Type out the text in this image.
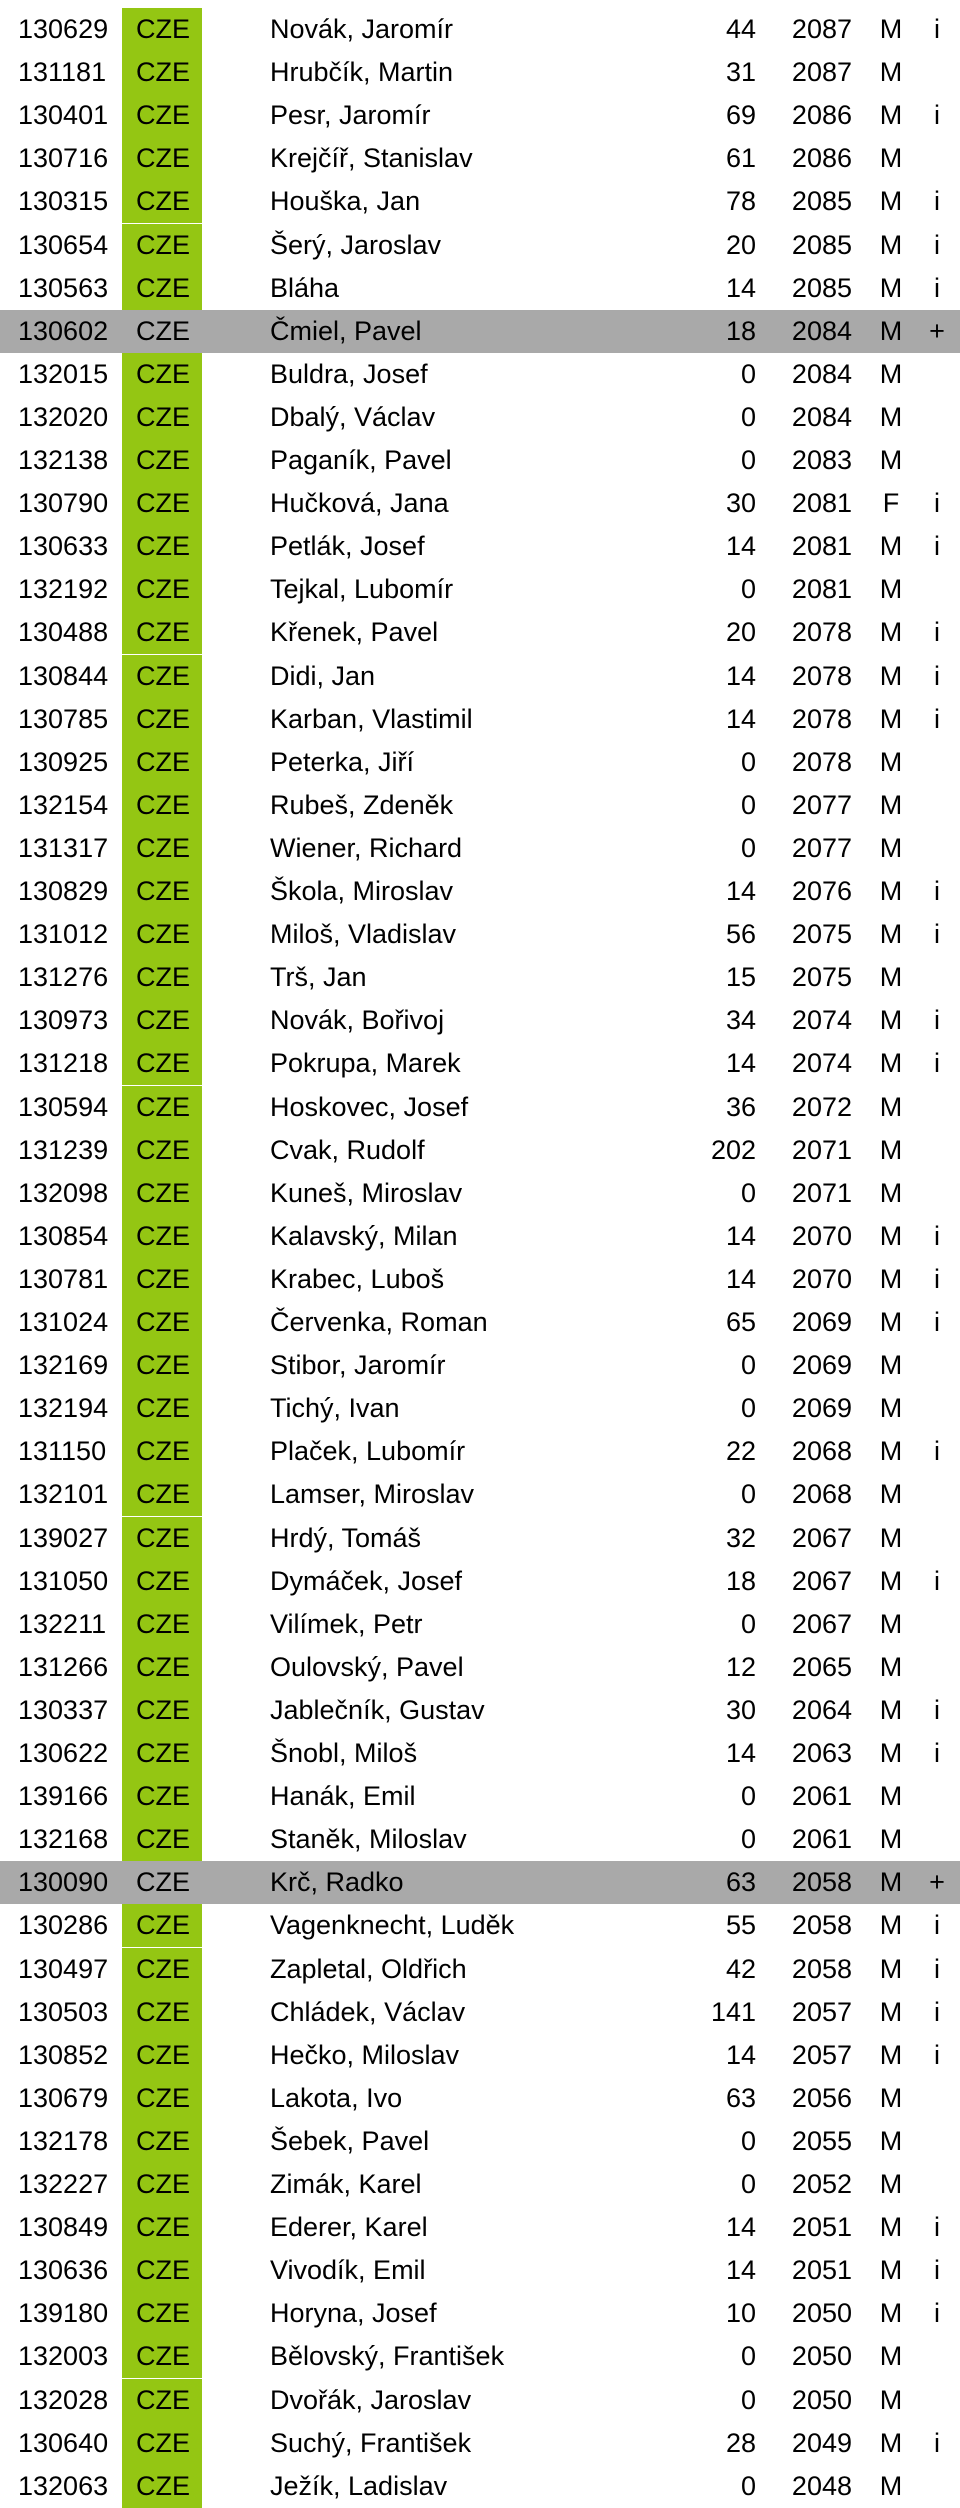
130629	CZE	Novák, Jaromír	44	2087 M	i
131181	CZE	Hrubčík, Martin	31	2087 M
130401	CZE	Pesr, Jaromír	69	2086 M	i
130716	CZE	Krejčíř, Stanislav	61	2086 M
130315	CZE	Houška, Jan	78	2085 M	i
130654	CZE	Šerý, Jaroslav	20	2085 M	i
130563	CZE	Bláha	14	2085 M	i
130602	CZE	Čmiel, Pavel	18	2084 M +
132015	CZE	Buldra, Josef	0	2084 M
132020	CZE	Dbalý, Václav	0	2084 M
132138	CZE	Paganík, Pavel	0	2083 M
130790	CZE	Hučková, Jana	30	2081 F	i
130633	CZE	Petlák, Josef	14	2081 M	i
132192	CZE	Tejkal, Lubomír	0	2081 M
130488	CZE	Křenek, Pavel	20	2078 M	i
130844	CZE	Didi, Jan	14	2078 M	i
130785	CZE	Karban, Vlastimil	14	2078 M	i
130925	CZE	Peterka, Jiří	0	2078 M
132154	CZE	Rubeš, Zdeněk	0	2077 M
131317	CZE	Wiener, Richard	0	2077 M
130829	CZE	Škola, Miroslav	14	2076 M	i
131012	CZE	Miloš, Vladislav	56	2075 M	i
131276	CZE	Trš, Jan	15	2075 M
130973	CZE	Novák, Bořivoj	34	2074 M	i
131218	CZE	Pokrupa, Marek	14	2074 M	i
130594	CZE	Hoskovec, Josef	36	2072 M
131239	CZE	Cvak, Rudolf	202	2071 M
132098	CZE	Kuneš, Miroslav	0	2071 M
130854	CZE	Kalavský, Milan	14	2070 M	i
130781	CZE	Krabec, Luboš	14	2070 M	i
131024	CZE	Červenka, Roman	65	2069 M	i
132169	CZE	Stibor, Jaromír	0	2069 M
132194	CZE	Tichý, Ivan	0	2069 M
131150	CZE	Plaček, Lubomír	22	2068 M	i
132101	CZE	Lamser, Miroslav	0	2068 M
139027	CZE	Hrdý, Tomáš	32	2067 M
131050	CZE	Dymáček, Josef	18	2067 M	i
132211	CZE	Vilímek, Petr	0	2067 M
131266	CZE	Oulovský, Pavel	12	2065 M
130337	CZE	Jablečník, Gustav	30	2064 M	i
130622	CZE	Šnobl, Miloš	14	2063 M	i
139166	CZE	Hanák, Emil	0	2061 M
132168	CZE	Staněk, Miloslav	0	2061 M
130090	CZE	Krč, Radko	63	2058 M +
130286	CZE	Vagenknecht, Luděk	55	2058 M	i
130497	CZE	Zapletal, Oldřich	42	2058 M	i
130503	CZE	Chládek, Václav	141	2057 M	i
130852	CZE	Hečko, Miloslav	14	2057 M	i
130679	CZE	Lakota, Ivo	63	2056 M
132178	CZE	Šebek, Pavel	0	2055 M
132227	CZE	Zimák, Karel	0	2052 M
130849	CZE	Ederer, Karel	14	2051 M	i
130636	CZE	Vivodík, Emil	14	2051 M	i
139180	CZE	Horyna, Josef	10	2050 M	i
132003	CZE	Bělovský, František	0	2050 M
132028	CZE	Dvořák, Jaroslav	0	2050 M
130640	CZE	Suchý, František	28	2049 M	i
132063	CZE	Ježík, Ladislav	0	2048 M
